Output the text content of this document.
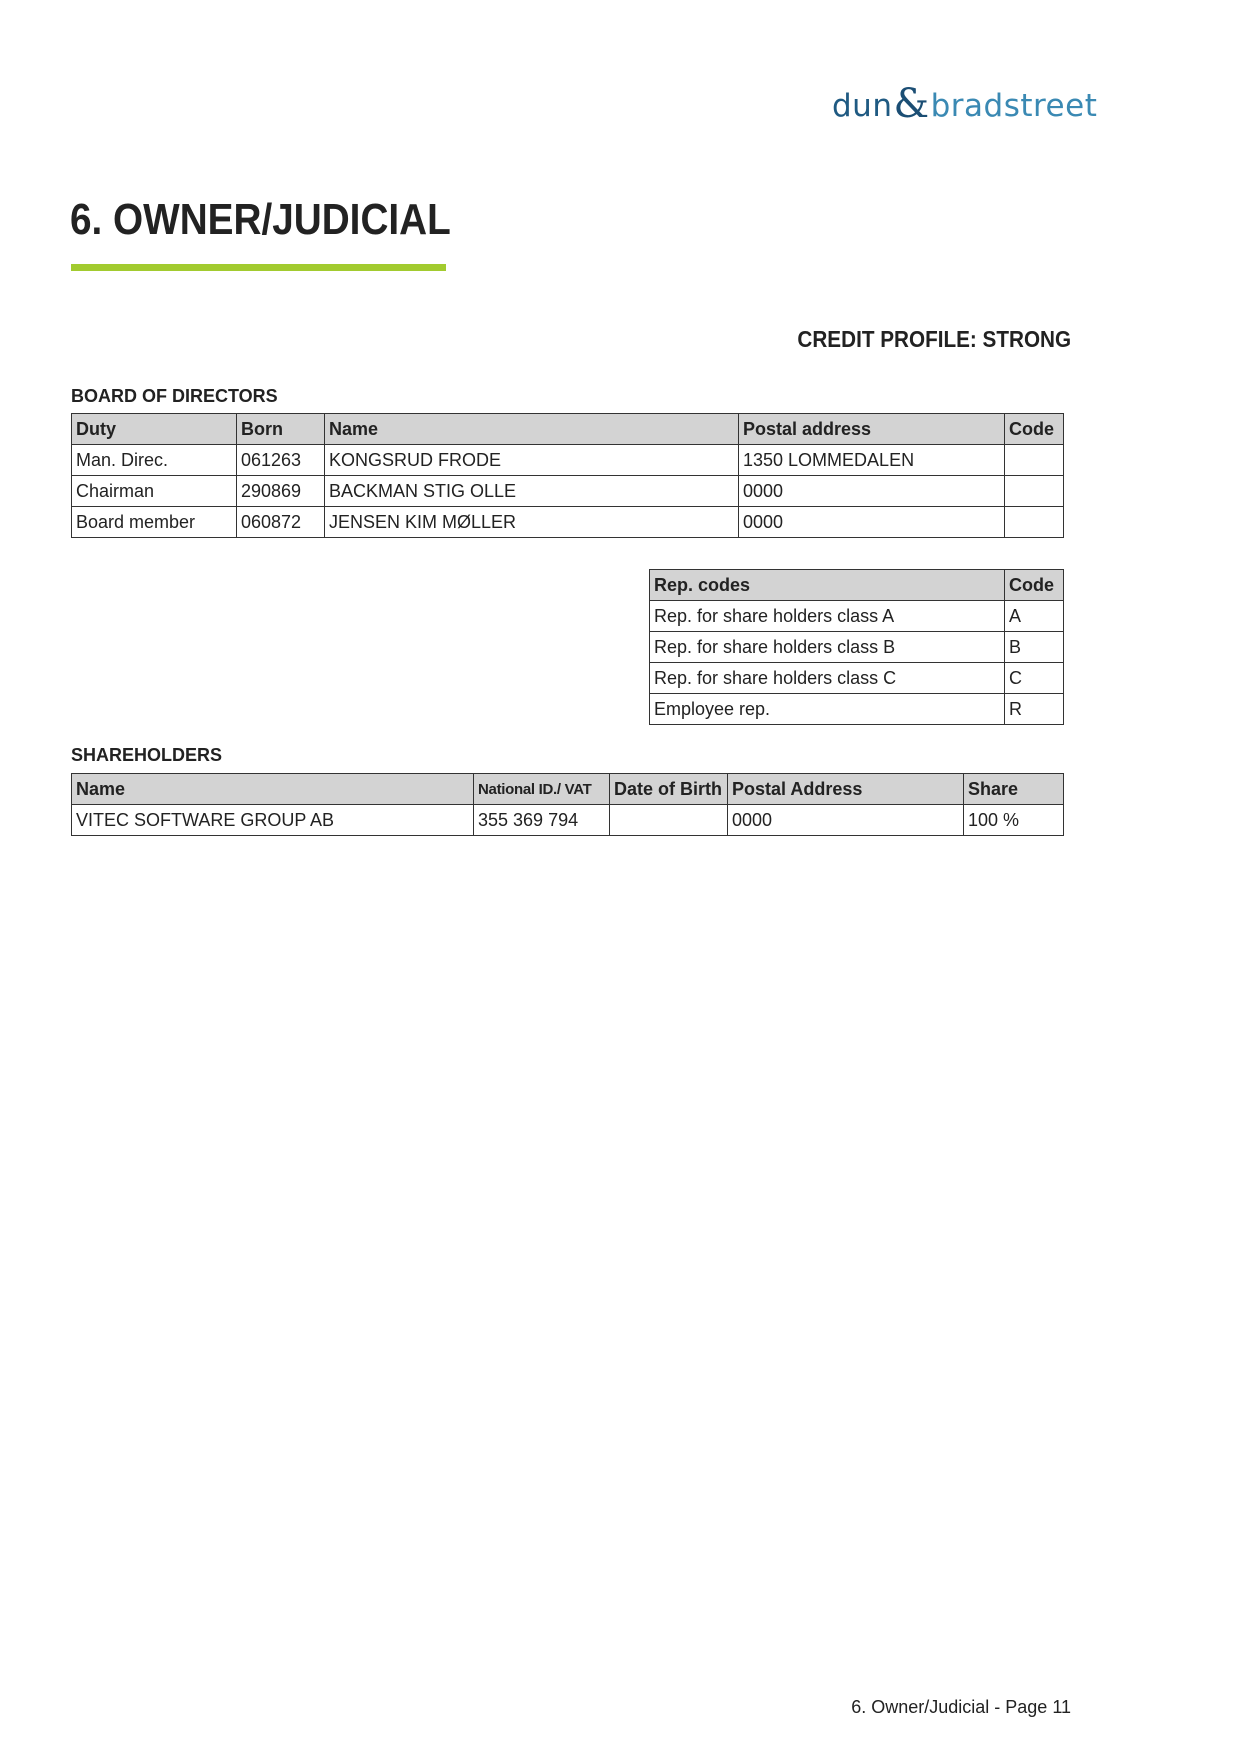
dun & bradstreet
6. OWNER/JUDICIAL
CREDIT PROFILE: STRONG
BOARD OF DIRECTORS
Duty	Born	Name	Postal address	Code
Man. Direc.	061263	KONGSRUD FRODE	1350 LOMMEDALEN	
Chairman	290869	BACKMAN STIG OLLE	0000	
Board member	060872	JENSEN KIM MØLLER	0000	
Rep. codes	Code
Rep. for share holders class A	A
Rep. for share holders class B	B
Rep. for share holders class C	C
Employee rep.	R
SHAREHOLDERS
Name	National ID./ VAT	Date of Birth	Postal Address	Share
VITEC SOFTWARE GROUP AB	355 369 794		0000	100 %
6. Owner/Judicial - Page 11
